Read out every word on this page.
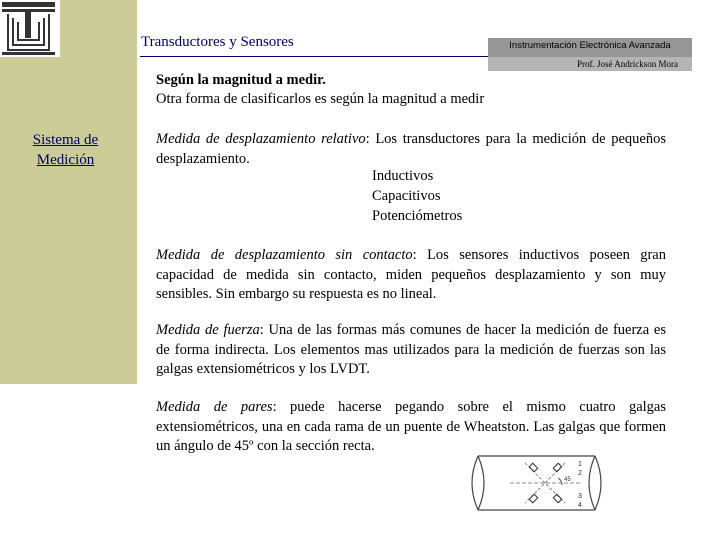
Transductores y Sensores	Instrumentación Electrónica Avanzada
Prof. José Andrickson Mora
Sistema de Medición
Según la magnitud a medir.
Otra forma de clasificarlos es según la magnitud a medir
Medida de desplazamiento relativo: Los transductores para la medición de pequeños desplazamiento.
Inductivos
Capacitivos
Potenciómetros
Medida de desplazamiento sin contacto: Los sensores inductivos poseen gran capacidad de medida sin contacto, miden pequeños desplazamiento y son muy sensibles. Sin embargo su respuesta es no lineal.
Medida de fuerza: Una de las formas más comunes de hacer la medición de fuerza es de forma indirecta. Los elementos mas utilizados para la medición de fuerzas son las galgas extensiométricos y los LVDT.
Medida de pares: puede hacerse pegando sobre el mismo cuatro galgas extensiométricos, una en cada rama de un puente de Wheatston. Las galgas que formen un ángulo de 45º con la sección recta.
1
2
3
4
45
